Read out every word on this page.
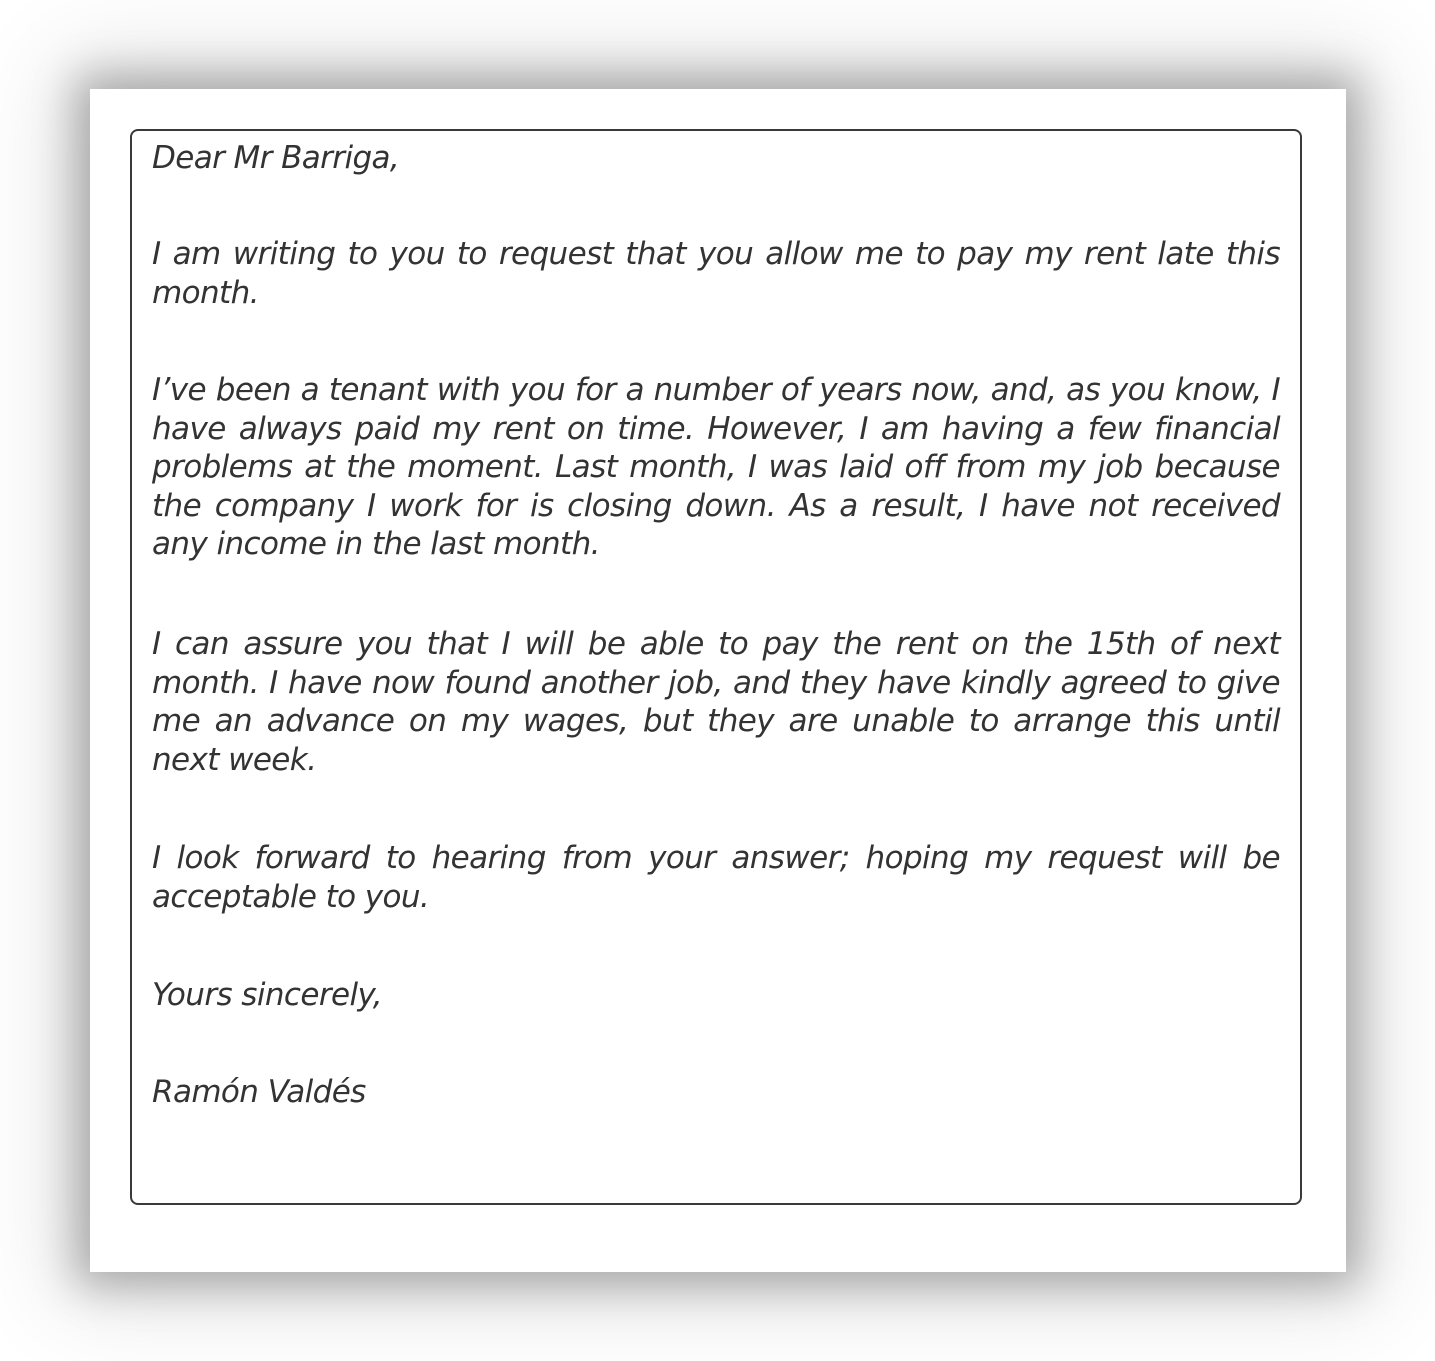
Dear Mr Barriga,

I am writing to you to request that you allow me to pay my rent late this month.

I’ve been a tenant with you for a number of years now, and, as you know, I have always paid my rent on time. However, I am having a few financial problems at the moment. Last month, I was laid off from my job because the company I work for is closing down. As a result, I have not received any income in the last month.

I can assure you that I will be able to pay the rent on the 15th of next month. I have now found another job, and they have kindly agreed to give me an advance on my wages, but they are unable to arrange this until next week.

I look forward to hearing from your answer; hoping my request will be acceptable to you.

Yours sincerely,

Ramón Valdés
